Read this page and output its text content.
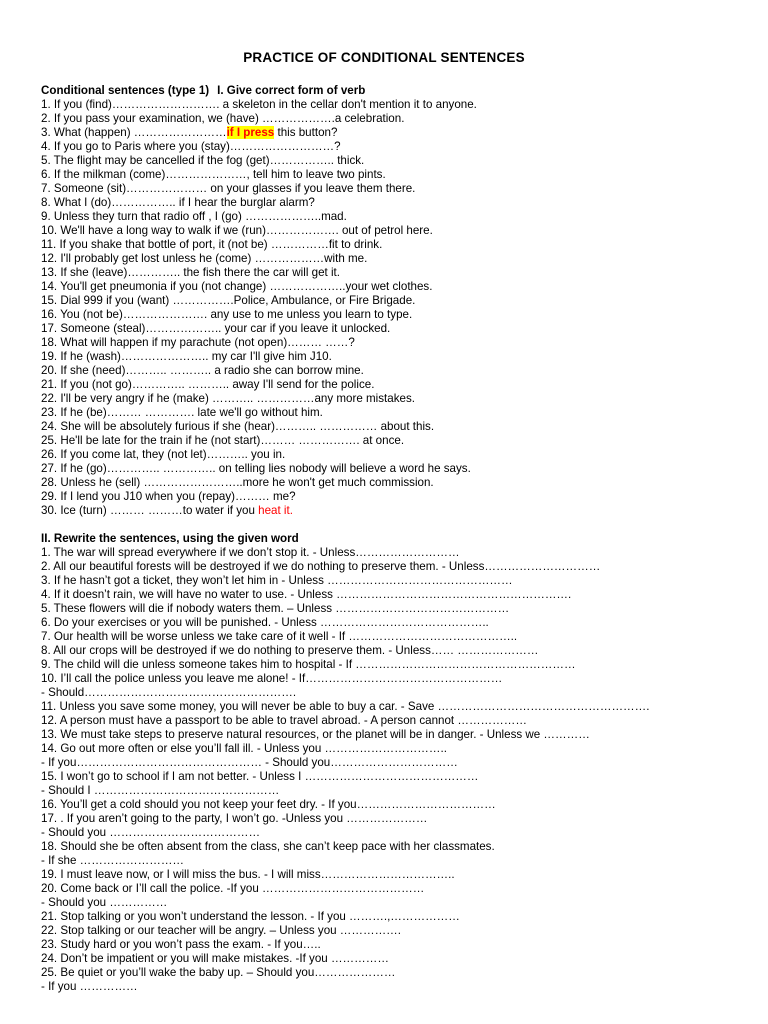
PRACTICE OF CONDITIONAL SENTENCES
Conditional sentences (type 1) I. Give correct form of verb
1. If you (find)………………………. a skeleton in the cellar don't mention it to anyone.
2. If you pass your examination, we (have) ……………….a celebration.
3. What (happen) ……………………if I press this button?
4. If you go to Paris where you (stay)………………………?
5. The flight may be cancelled if the fog (get)…………….. thick.
6. If the milkman (come)…………………, tell him to leave two pints.
7. Someone (sit)………………… on your glasses if you leave them there.
8. What I (do)…………….. if I hear the burglar alarm?
9. Unless they turn that radio off , I (go) ………………..mad.
10. We'll have a long way to walk if we (run)………………. out of petrol here.
11. If you shake that bottle of port, it (not be) ……………fit to drink.
12. I'll probably get lost unless he (come) ………………with me.
13. If she (leave)………….. the fish there the car will get it.
14. You'll get pneumonia if you (not change) ………………..your wet clothes.
15. Dial 999 if you (want) …………….Police, Ambulance, or Fire Brigade.
16. You (not be)…………………. any use to me unless you learn to type.
17. Someone (steal)……………….. your car if you leave it unlocked.
18. What will happen if my parachute (not open)……… ……?
19. If he (wash)………………….. my car I'll give him J10.
20. If she (need)……….. ……….. a radio she can borrow mine.
21. If you (not go)………….. ……….. away I'll send for the police.
22. I'll be very angry if he (make) ……….. ……………any more mistakes.
23. If he (be)……… …………. late we'll go without him.
24. She will be absolutely furious if she (hear)……….. …………… about this.
25. He'll be late for the train if he (not start)……… ……………. at once.
26. If you come lat, they (not let)……….. you in.
27. If he (go)………….. ………….. on telling lies nobody will believe a word he says.
28. Unless he (sell) ……………………..more he won't get much commission.
29. If I lend you J10 when you (repay)……… me?
30. Ice (turn) ……… ………to water if you heat it.
II. Rewrite the sentences, using the given word
1. The war will spread everywhere if we don’t stop it. - Unless………………………
2. All our beautiful forests will be destroyed if we do nothing to preserve them. - Unless…………………………
3. If he hasn’t got a ticket, they won’t let him in - Unless …………………………………………
4. If it doesn’t rain, we will have no water to use. - Unless …………………………………………………….
5. These flowers will die if nobody waters them. – Unless ………………………………………
6. Do your exercises or you will be punished. - Unless ……………………………………..
7. Our health will be worse unless we take care of it well - If ……………………………………..
8. All our crops will be destroyed if we do nothing to preserve them. - Unless…… …………………
9. The child will die unless someone takes him to hospital - If …………………………………………………
10. I’ll call the police unless you leave me alone! - If……………………………………………
- Should……………………………………………….
11. Unless you save some money, you will never be able to buy a car. - Save ……………………………………………….
12. A person must have a passport to be able to travel abroad. - A person cannot ………………
13. We must take steps to preserve natural resources, or the planet will be in danger. - Unless we …………
14. Go out more often or else you’ll fall ill. - Unless you …………………………..
- If you………………………………………… - Should you……………………………
15. I won’t go to school if I am not better. - Unless I ………………………………………
- Should I …………………………………………
16. You’ll get a cold should you not keep your feet dry. - If you………………………………
17. . If you aren’t going to the party, I won’t go. -Unless you …………………
- Should you …………………………………
18. Should she be often absent from the class, she can’t keep pace with her classmates.
- If she ………………………
19. I must leave now, or I will miss the bus. - I will miss……………………………..
20. Come back or I’ll call the police. -If you ……………………………………
- Should you ……………
21. Stop talking or you won’t understand the lesson. - If you ……….,………………
22. Stop talking or our teacher will be angry. – Unless you …………….
23. Study hard or you won’t pass the exam. - If you…..
24. Don’t be impatient or you will make mistakes. -If you ……………
25. Be quiet or you’ll wake the baby up. – Should you…………………
- If you ……………
